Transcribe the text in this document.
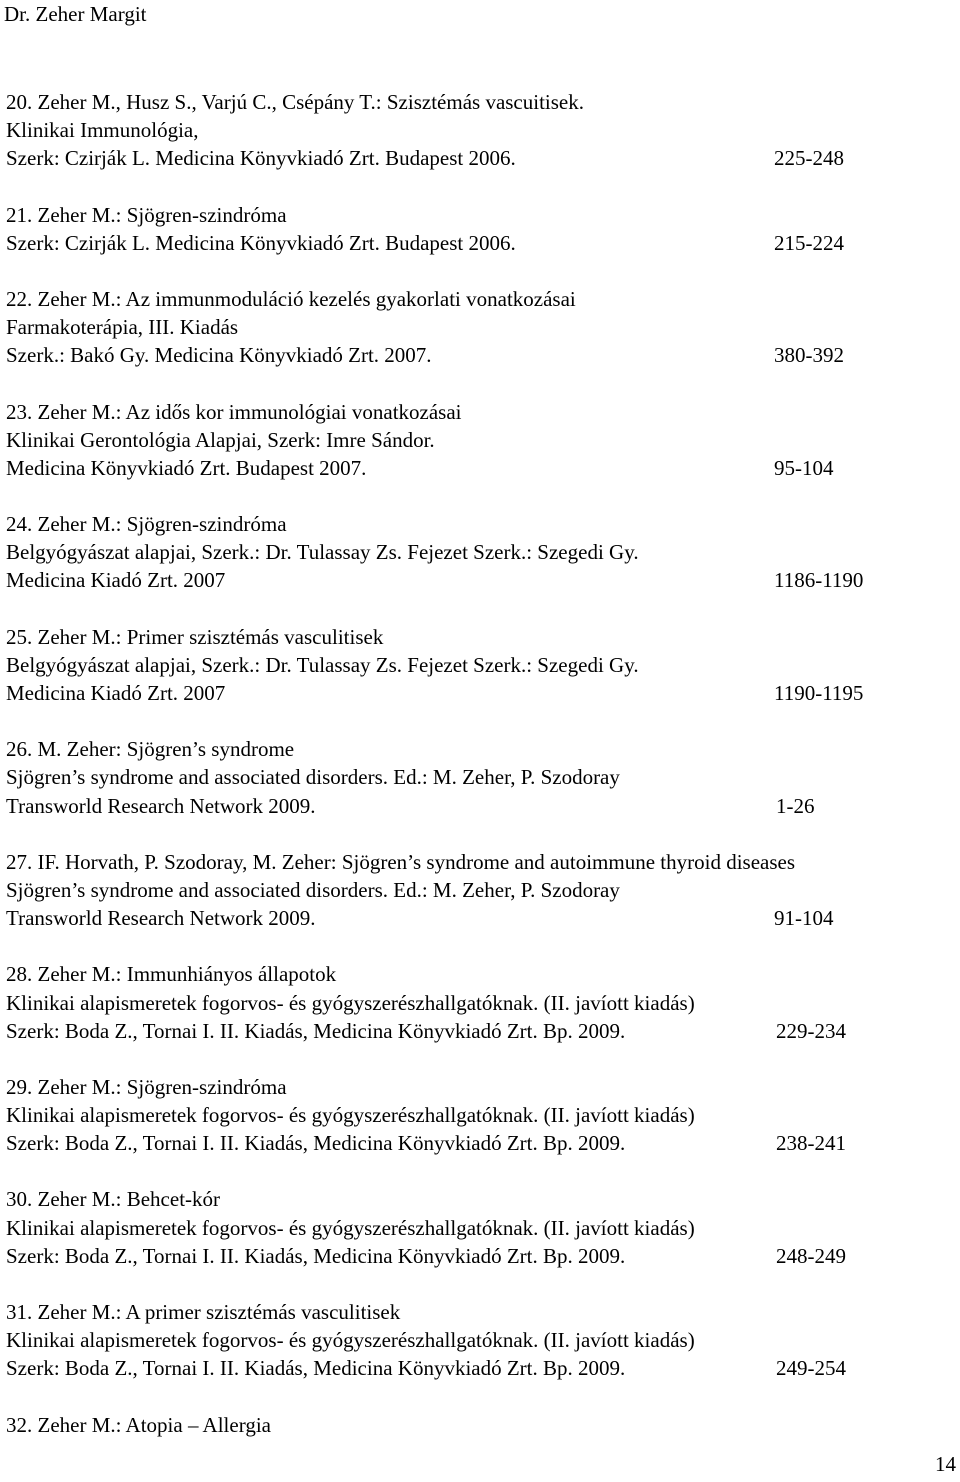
Dr. Zeher Margit
20. Zeher M., Husz S., Varjú C., Csépány T.: Szisztémás vascuitisek.
Klinikai Immunológia,
Szerk: Czirják L. Medicina Könyvkiadó Zrt. Budapest 2006.	225-248
21. Zeher M.: Sjögren-szindróma
Szerk: Czirják L. Medicina Könyvkiadó Zrt. Budapest 2006.	215-224
22. Zeher M.: Az immunmoduláció kezelés gyakorlati vonatkozásai
Farmakoterápia, III. Kiadás
Szerk.: Bakó Gy. Medicina Könyvkiadó Zrt. 2007.	380-392
23. Zeher M.: Az idős kor immunológiai vonatkozásai
Klinikai Gerontológia Alapjai, Szerk: Imre Sándor.
Medicina Könyvkiadó Zrt. Budapest 2007.	95-104
24. Zeher M.: Sjögren-szindróma
Belgyógyászat alapjai, Szerk.: Dr. Tulassay Zs. Fejezet Szerk.: Szegedi Gy.
Medicina Kiadó Zrt. 2007	1186-1190
25. Zeher M.: Primer szisztémás vasculitisek
Belgyógyászat alapjai, Szerk.: Dr. Tulassay Zs. Fejezet Szerk.: Szegedi Gy.
Medicina Kiadó Zrt. 2007	1190-1195
26. M. Zeher: Sjögren’s syndrome
Sjögren’s syndrome and associated disorders. Ed.: M. Zeher, P. Szodoray
Transworld Research Network 2009.	1-26
27. IF. Horvath, P. Szodoray, M. Zeher: Sjögren’s syndrome and autoimmune thyroid diseases
Sjögren’s syndrome and associated disorders. Ed.: M. Zeher, P. Szodoray
Transworld Research Network 2009.	91-104
28. Zeher M.: Immunhiányos állapotok
Klinikai alapismeretek fogorvos- és gyógyszerészhallgatóknak. (II. javíott kiadás)
Szerk: Boda Z., Tornai I. II. Kiadás, Medicina Könyvkiadó Zrt. Bp. 2009.	229-234
29. Zeher M.: Sjögren-szindróma
Klinikai alapismeretek fogorvos- és gyógyszerészhallgatóknak. (II. javíott kiadás)
Szerk: Boda Z., Tornai I. II. Kiadás, Medicina Könyvkiadó Zrt. Bp. 2009.	238-241
30. Zeher M.: Behcet-kór
Klinikai alapismeretek fogorvos- és gyógyszerészhallgatóknak. (II. javíott kiadás)
Szerk: Boda Z., Tornai I. II. Kiadás, Medicina Könyvkiadó Zrt. Bp. 2009.	248-249
31. Zeher M.: A primer szisztémás vasculitisek
Klinikai alapismeretek fogorvos- és gyógyszerészhallgatóknak. (II. javíott kiadás)
Szerk: Boda Z., Tornai I. II. Kiadás, Medicina Könyvkiadó Zrt. Bp. 2009.	249-254
32. Zeher M.: Atopia – Allergia
14
